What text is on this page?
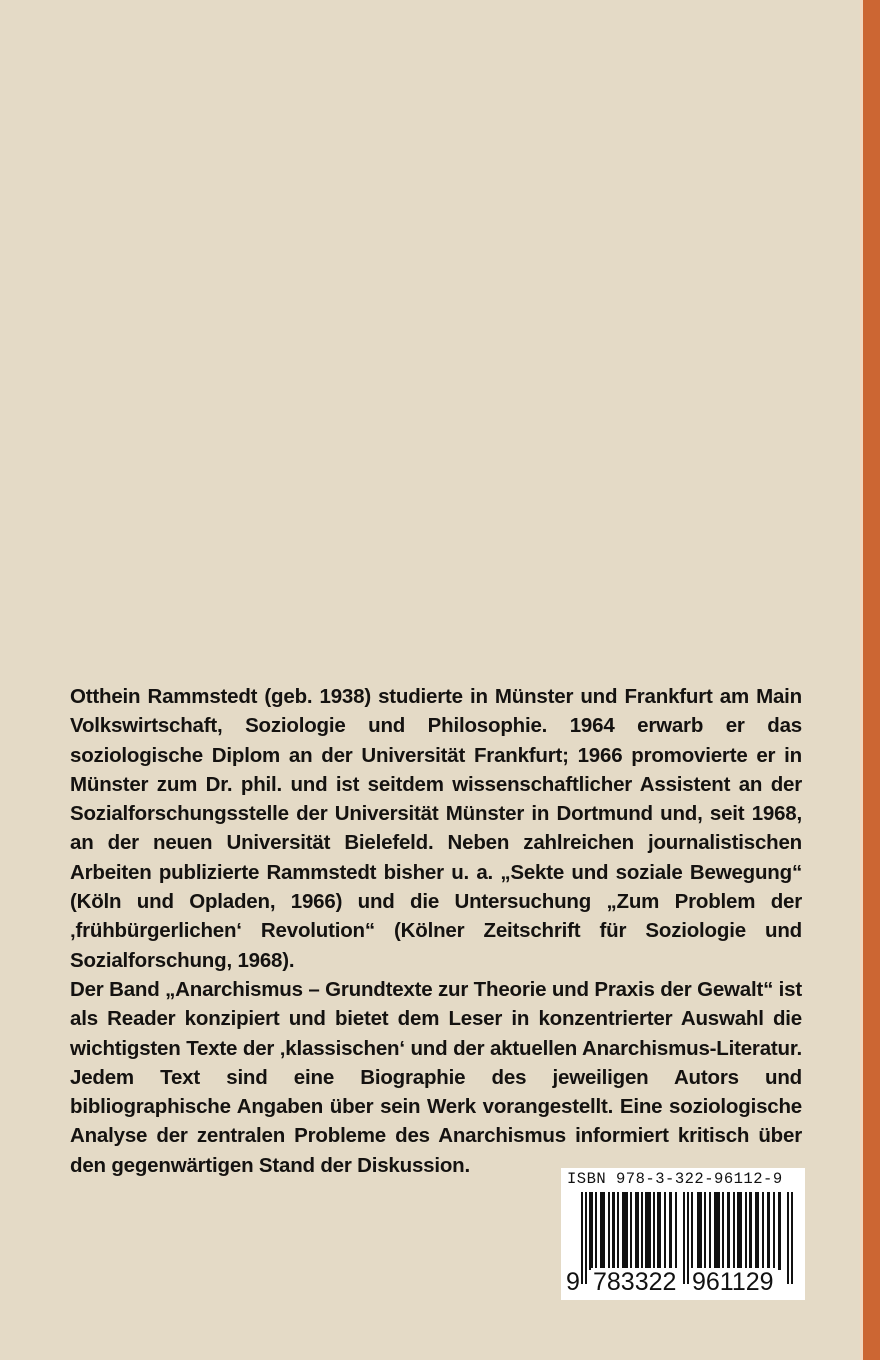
Otthein Rammstedt (geb. 1938) studierte in Münster und Frankfurt am Main Volkswirtschaft, Soziologie und Philosophie. 1964 erwarb er das soziologische Diplom an der Universität Frankfurt; 1966 promovierte er in Münster zum Dr. phil. und ist seitdem wissenschaftlicher Assistent an der Sozialforschungsstelle der Universität Münster in Dortmund und, seit 1968, an der neuen Universität Bielefeld. Neben zahlreichen journalistischen Arbeiten publizierte Rammstedt bisher u. a. „Sekte und soziale Bewegung“ (Köln und Opladen, 1966) und die Untersuchung „Zum Problem der ‚frühbürgerlichen‘ Revolution“ (Kölner Zeitschrift für Soziologie und Sozialforschung, 1968).

Der Band „Anarchismus – Grundtexte zur Theorie und Praxis der Gewalt“ ist als Reader konzipiert und bietet dem Leser in konzentrierter Auswahl die wichtigsten Texte der ‚klassischen‘ und der aktuellen Anarchismus-Literatur. Jedem Text sind eine Biographie des jeweiligen Autors und bibliographische Angaben über sein Werk vorangestellt. Eine soziologische Analyse der zentralen Probleme des Anarchismus informiert kritisch über den gegenwärtigen Stand der Diskussion.

ISBN 978-3-322-96112-9
9 783322 961129
